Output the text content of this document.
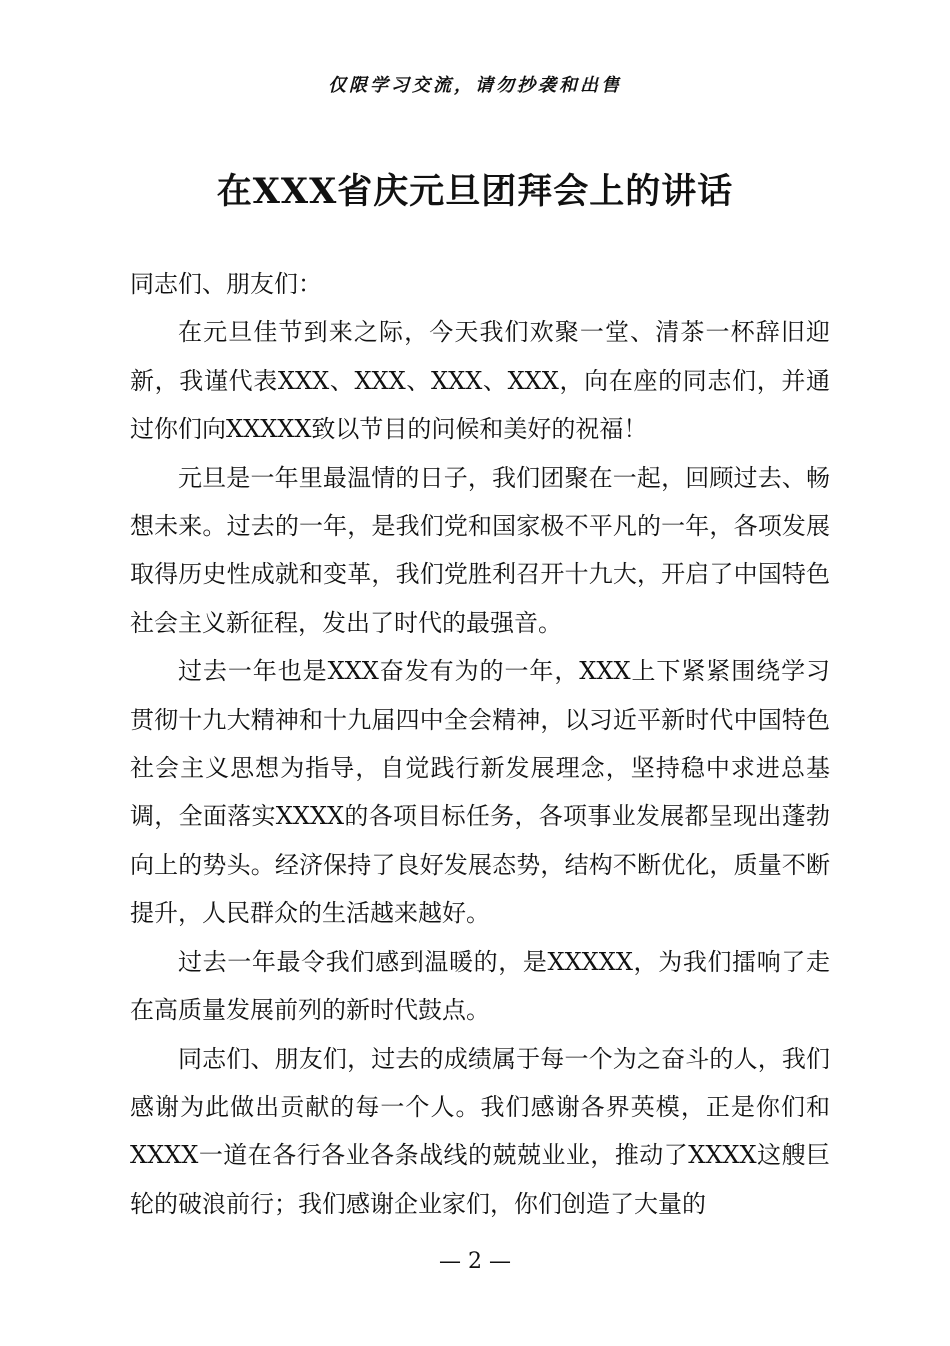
仅限学习交流，请勿抄袭和出售
在XXX省庆元旦团拜会上的讲话

同志们、朋友们：

在元旦佳节到来之际，今天我们欢聚一堂、清茶一杯辞旧迎新，我谨代表XXX、XXX、XXX、XXX，向在座的同志们，并通过你们向XXXXX致以节目的问候和美好的祝福！

元旦是一年里最温情的日子，我们团聚在一起，回顾过去、畅想未来。过去的一年，是我们党和国家极不平凡的一年，各项发展取得历史性成就和变革，我们党胜利召开十九大，开启了中国特色社会主义新征程，发出了时代的最强音。

过去一年也是XXX奋发有为的一年，XXX上下紧紧围绕学习贯彻十九大精神和十九届四中全会精神，以习近平新时代中国特色社会主义思想为指导，自觉践行新发展理念，坚持稳中求进总基调，全面落实XXXX的各项目标任务，各项事业发展都呈现出蓬勃向上的势头。经济保持了良好发展态势，结构不断优化，质量不断提升，人民群众的生活越来越好。

过去一年最令我们感到温暖的，是XXXXX，为我们擂响了走在高质量发展前列的新时代鼓点。

同志们、朋友们，过去的成绩属于每一个为之奋斗的人，我们感谢为此做出贡献的每一个人。我们感谢各界英模，正是你们和XXXX一道在各行各业各条战线的兢兢业业，推动了XXXX这艘巨轮的破浪前行；我们感谢企业家们，你们创造了大量的

— 2 —
